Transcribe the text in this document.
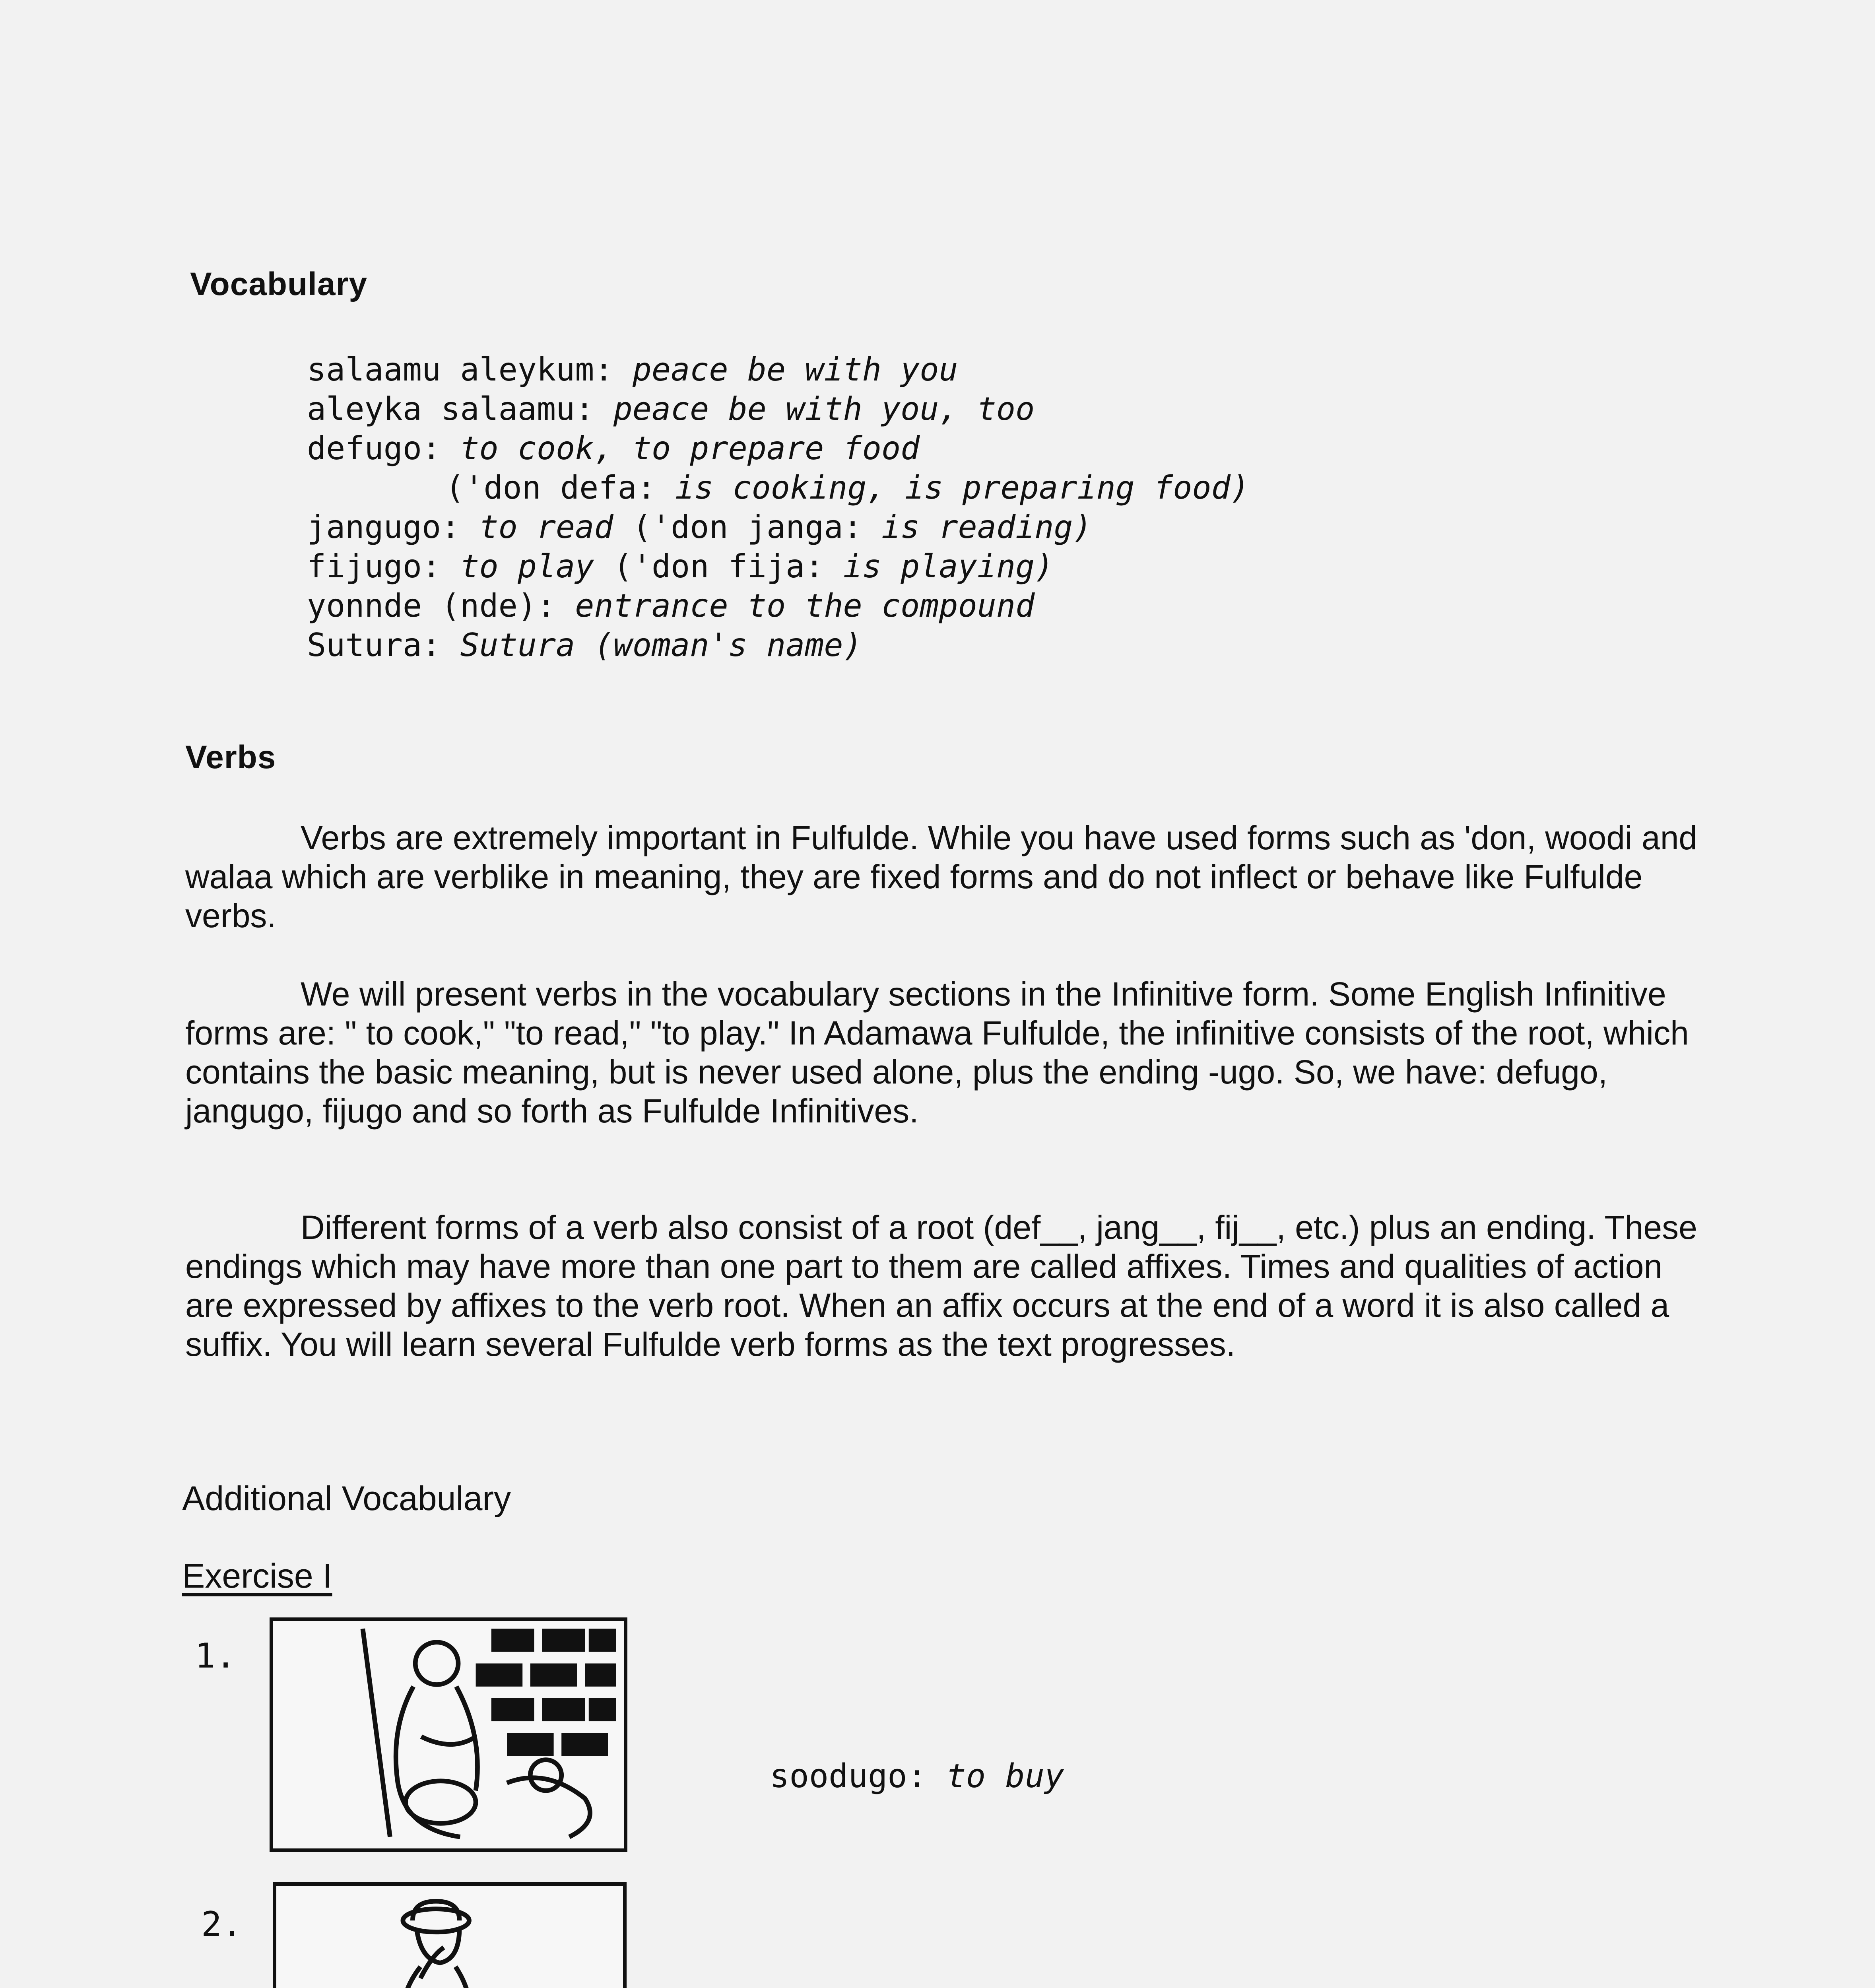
Vocabulary
salaamu aleykum: peace be with you
aleyka salaamu: peace be with you, too
defugo: to cook, to prepare food
('don defa: is cooking, is preparing food)
jangugo: to read ('don janga: is reading)
fijugo: to play ('don fija: is playing)
yonnde (nde): entrance to the compound
Sutura: Sutura (woman's name)
Verbs
Verbs are extremely important in Fulfulde. While you have used forms such as 'don, woodi and walaa which are verblike in meaning, they are fixed forms and do not inflect or behave like Fulfulde verbs.
We will present verbs in the vocabulary sections in the Infinitive form. Some English Infinitive forms are: " to cook," "to read," "to play." In Adamawa Fulfulde, the infinitive consists of the root, which contains the basic meaning, but is never used alone, plus the ending -ugo. So, we have: defugo, jangugo, fijugo and so forth as Fulfulde Infinitives.
Different forms of a verb also consist of a root (def__, jang__, fij__, etc.) plus an ending. These endings which may have more than one part to them are called affixes. Times and qualities of action are expressed by affixes to the verb root. When an affix occurs at the end of a word it is also called a suffix. You will learn several Fulfulde verb forms as the text progresses.
Additional Vocabulary
Exercise I
1.
soodugo: to buy
2.
